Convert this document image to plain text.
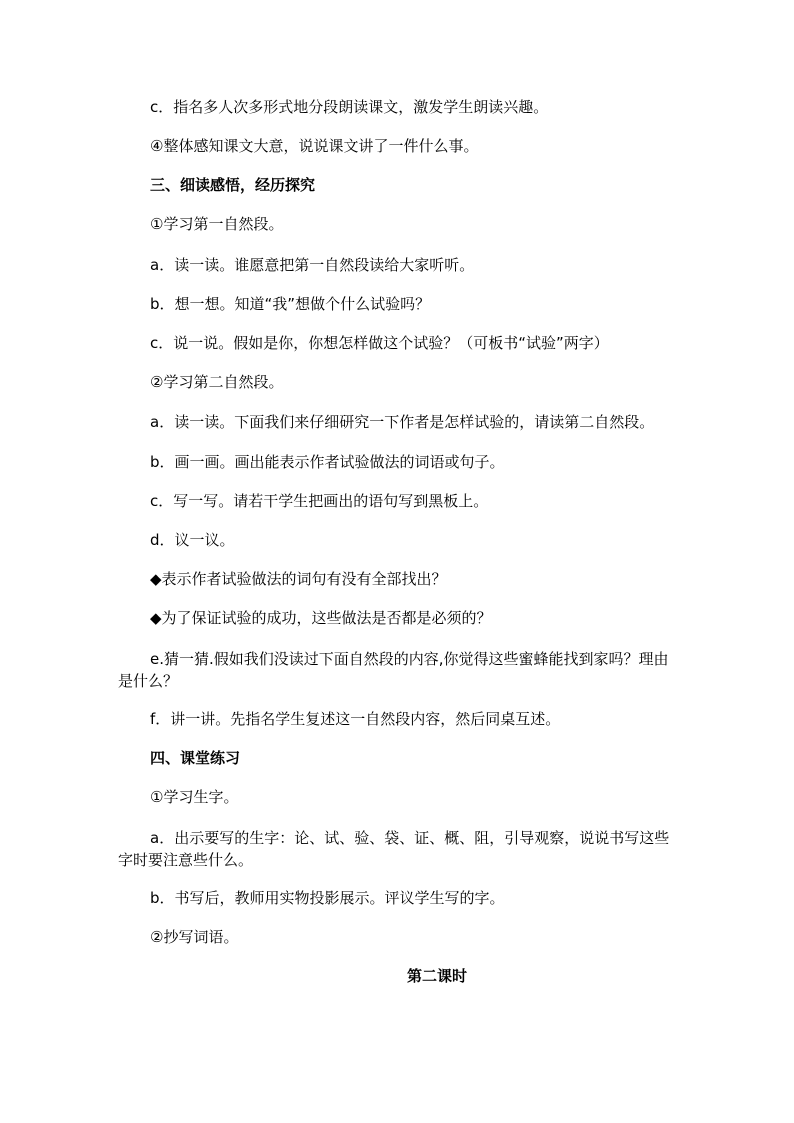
c．指名多人次多形式地分段朗读课文，激发学生朗读兴趣。
④整体感知课文大意，说说课文讲了一件什么事。
三、细读感悟，经历探究
①学习第一自然段。
a．读一读。谁愿意把第一自然段读给大家听听。
b．想一想。知道“我”想做个什么试验吗？
c．说一说。假如是你，你想怎样做这个试验？（可板书“试验”两字）
②学习第二自然段。
a．读一读。下面我们来仔细研究一下作者是怎样试验的，请读第二自然段。
b．画一画。画出能表示作者试验做法的词语或句子。
c．写一写。请若干学生把画出的语句写到黑板上。
d．议一议。
◆表示作者试验做法的词句有没有全部找出？
◆为了保证试验的成功，这些做法是否都是必须的？
e.猜一猜.假如我们没读过下面自然段的内容,你觉得这些蜜蜂能找到家吗？理由是什么？
f．讲一讲。先指名学生复述这一自然段内容，然后同桌互述。
四、课堂练习
①学习生字。
a．出示要写的生字：论、试、验、袋、证、概、阻，引导观察，说说书写这些字时要注意些什么。
b．书写后，教师用实物投影展示。评议学生写的字。
②抄写词语。
第二课时
